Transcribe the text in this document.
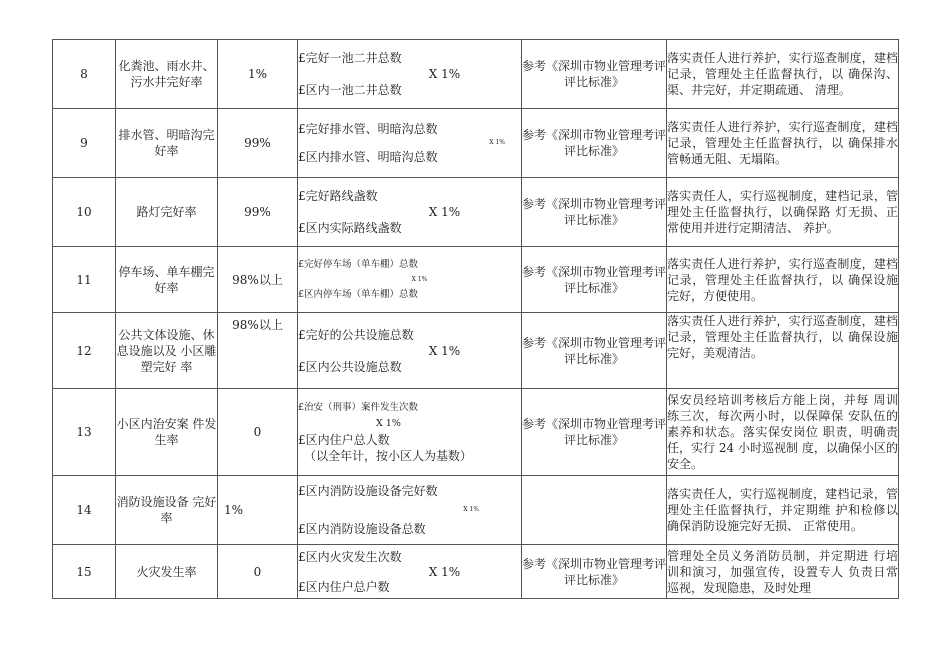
8	化粪池、雨水井、污水井完好率	1%	£完好一池二井总数
X 1%
£区内一池二井总数	参考《深圳市物业管理考评评比标准》	落实责任人进行养护，实行巡查制度，建档记录，管理处主任监督执行，以 确保沟、渠、井完好，并定期疏通、 清理。
9	排水管、明暗沟完好率	99%	£完好排水管、明暗沟总数
X 1%
£区内排水管、明暗沟总数	参考《深圳市物业管理考评评比标准》	落实责任人进行养护，实行巡查制度，建档记录，管理处主任监督执行，以 确保排水管畅通无阻、无塌陷。
10	路灯完好率	99%	£完好路线盏数
X 1%
£区内实际路线盏数	参考《深圳市物业管理考评评比标准》	落实责任人，实行巡视制度，建档记录，管理处主任监督执行，以确保路 灯无损、正常使用并进行定期清洁、 养护。
11	停车场、单车棚完好率	98%以上	£完好停车场（单车棚）总数
X 1%
£区内停车场（单车棚）总数	参考《深圳市物业管理考评评比标准》	落实责任人进行养护，实行巡查制度，建档记录，管理处主任监督执行，以 确保设施完好，方便使用。
12	公共文体设施、休息设施以及 小区雕塑完好 率	98%以上	£完好的公共设施总数
X 1%
£区内公共设施总数	参考《深圳市物业管理考评评比标准》	落实责任人进行养护，实行巡查制度，建档记录，管理处主任监督执行，以 确保设施完好，美观清洁。
13	小区内治安案 件发生率	0	£治安（刑事）案件发生次数
X 1%
£区内住户总人数
（以全年计，按小区人为基数）	参考《深圳市物业管理考评评比标准》	保安员经培训考核后方能上岗，并每 周训练三次，每次两小时，以保障保 安队伍的素养和状态。落实保安岗位 职责，明确责任，实行 24 小时巡视制 度，以确保小区的安全。
14	消防设施设备 完好率	1%	£区内消防设施设备完好数
X 1%
£区内消防设施设备总数		落实责任人，实行巡视制度，建档记录，管理处主任监督执行，并定期维 护和检修以确保消防设施完好无损、 正常使用。
15	火灾发生率	0	£区内火灾发生次数
X 1%
£区内住户总户数	参考《深圳市物业管理考评评比标准》	管理处全员义务消防员制，并定期进 行培训和演习，加强宣传，设置专人 负责日常巡视，发现隐患，及时处理
